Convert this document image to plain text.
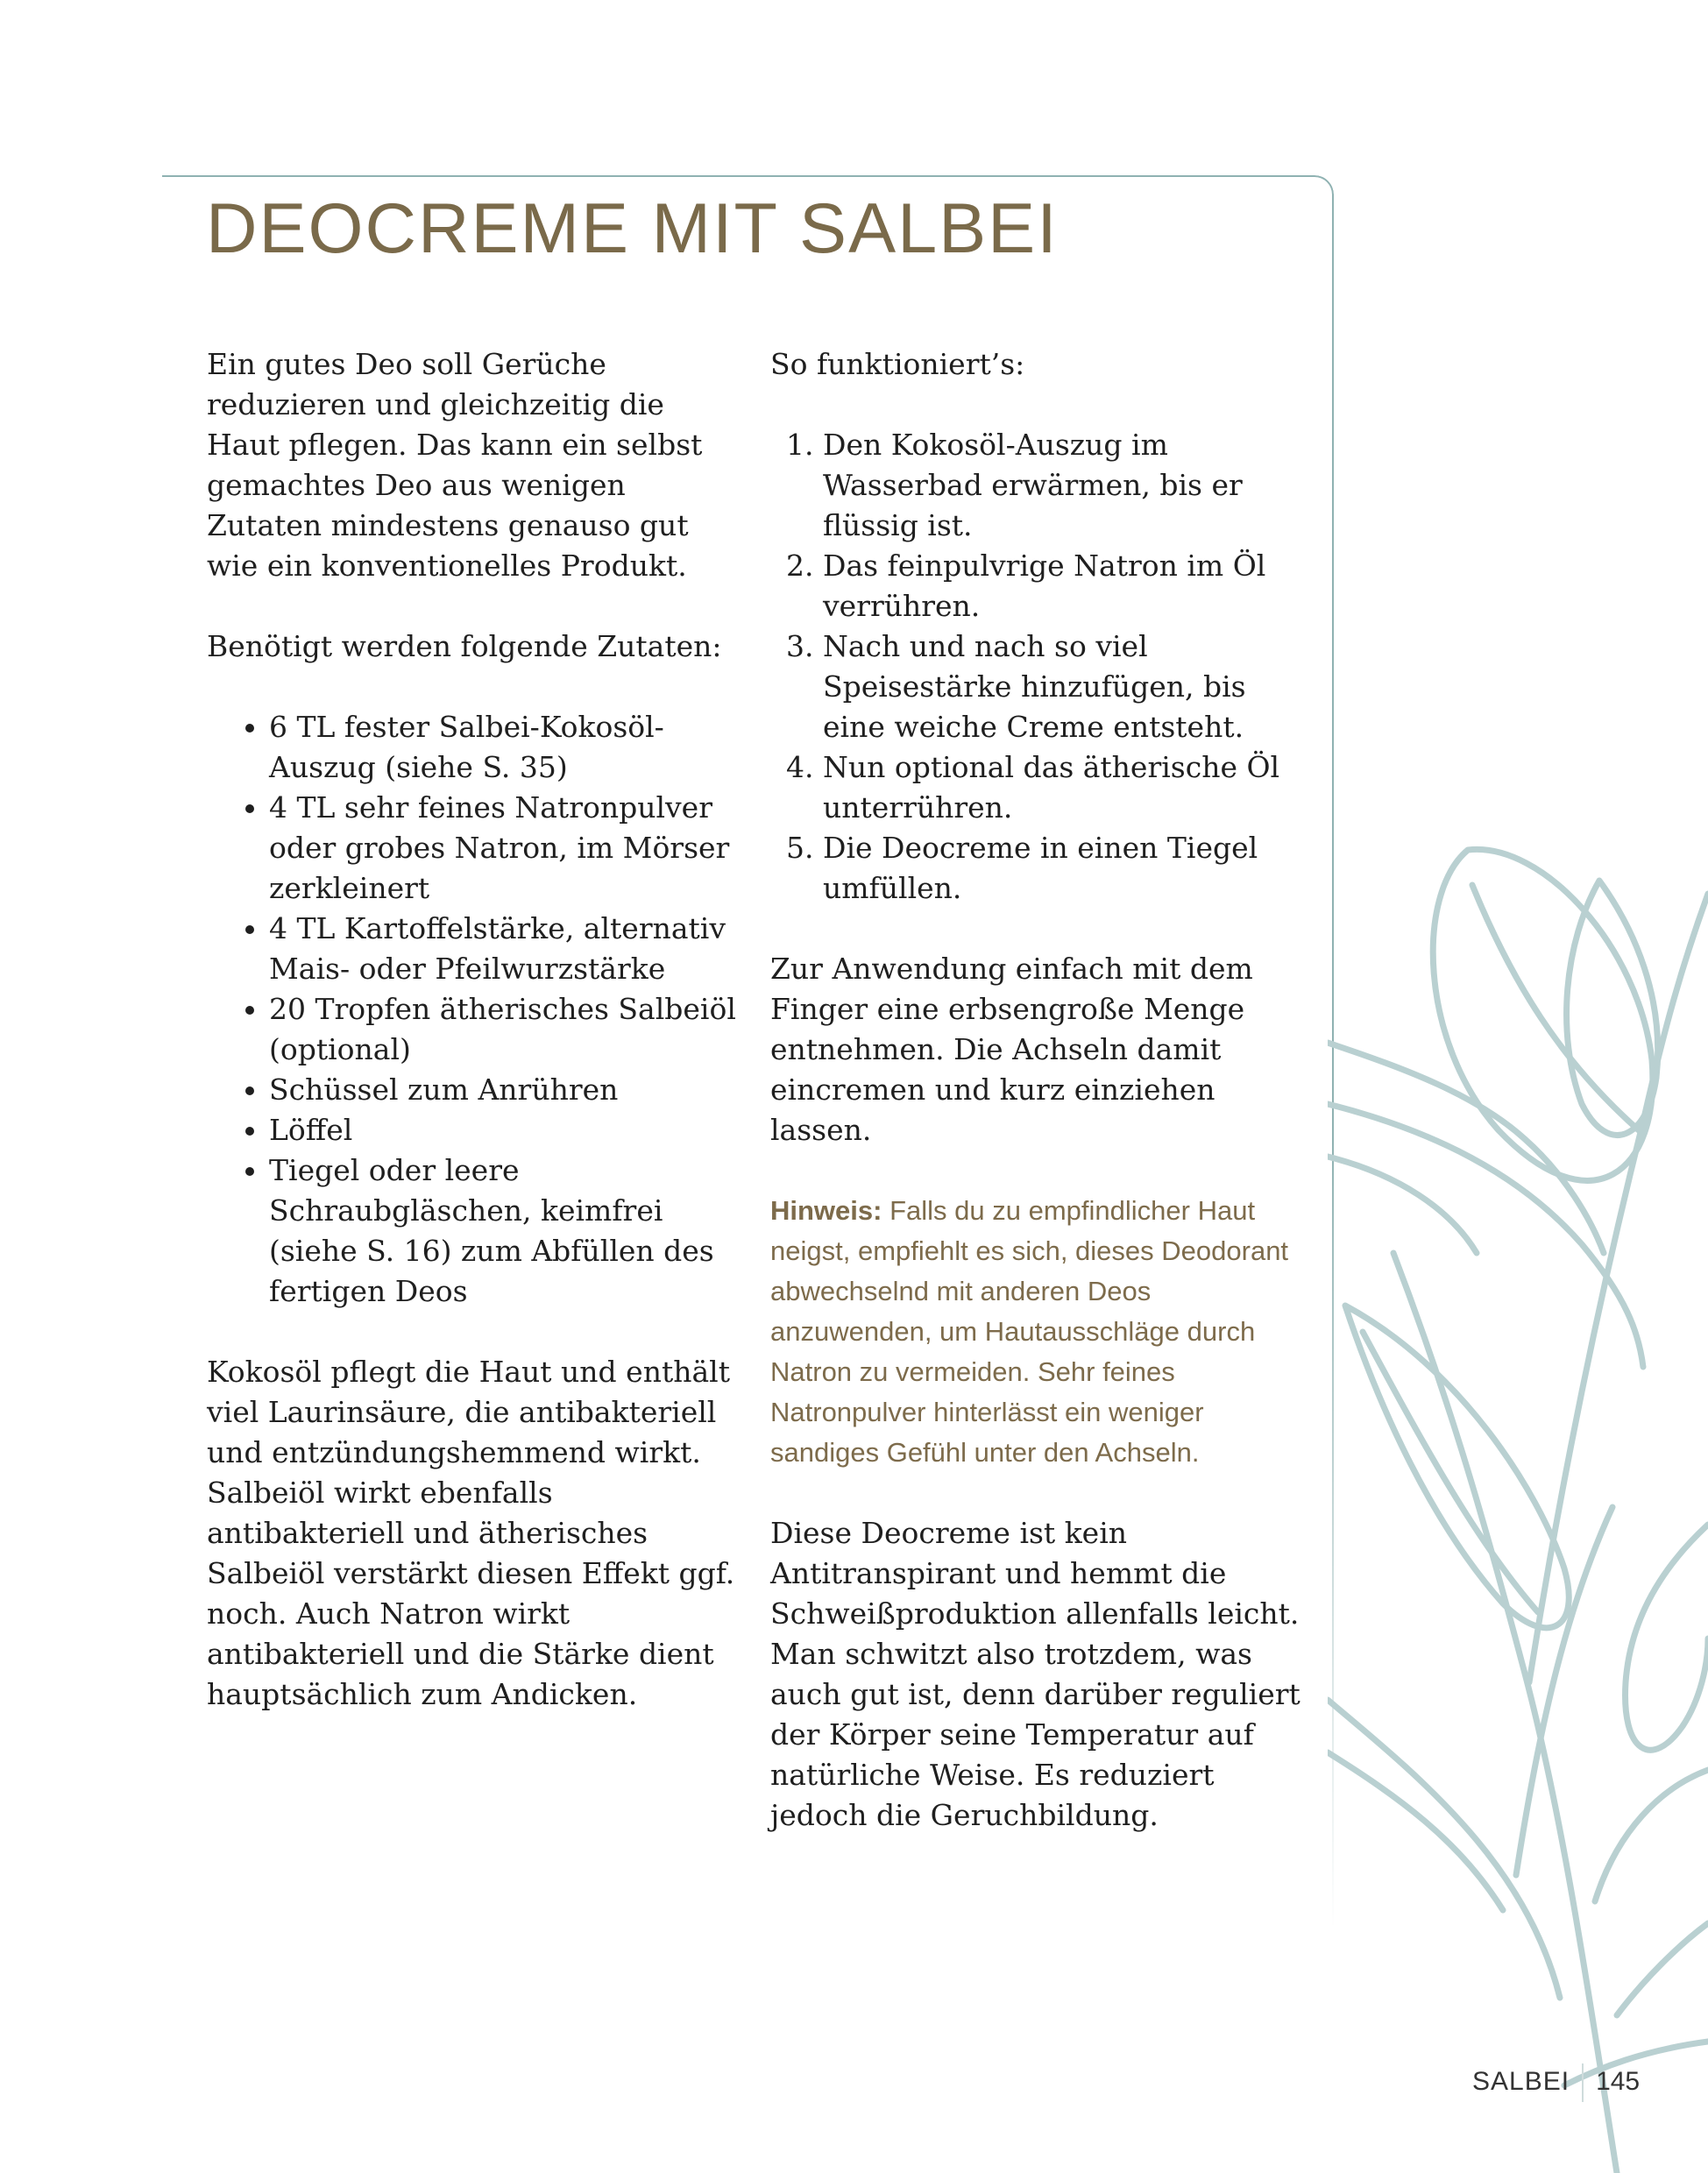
DEOCREME MIT SALBEI

Ein gutes Deo soll Gerüche reduzieren und gleichzeitig die Haut pflegen. Das kann ein selbst gemachtes Deo aus wenigen Zutaten mindestens genauso gut wie ein konventionelles Produkt.

Benötigt werden folgende Zutaten:

• 6 TL fester Salbei-Kokosöl-Auszug (siehe S. 35)
• 4 TL sehr feines Natronpulver oder grobes Natron, im Mörser zerkleinert
• 4 TL Kartoffelstärke, alternativ Mais- oder Pfeilwurzstärke
• 20 Tropfen ätherisches Salbeiöl (optional)
• Schüssel zum Anrühren
• Löffel
• Tiegel oder leere Schraubgläschen, keimfrei (siehe S. 16) zum Abfüllen des fertigen Deos

Kokosöl pflegt die Haut und enthält viel Laurinsäure, die antibakteriell und entzündungshemmend wirkt. Salbeiöl wirkt ebenfalls antibakteriell und ätherisches Salbeiöl verstärkt diesen Effekt ggf. noch. Auch Natron wirkt antibakteriell und die Stärke dient hauptsächlich zum Andicken.

So funktioniert’s:

1. Den Kokosöl-Auszug im Wasserbad erwärmen, bis er flüssig ist.
2. Das feinpulvrige Natron im Öl verrühren.
3. Nach und nach so viel Speisestärke hinzufügen, bis eine weiche Creme entsteht.
4. Nun optional das ätherische Öl unterrühren.
5. Die Deocreme in einen Tiegel umfüllen.

Zur Anwendung einfach mit dem Finger eine erbsengroße Menge entnehmen. Die Achseln damit eincremen und kurz einziehen lassen.

Hinweis: Falls du zu empfindlicher Haut neigst, empfiehlt es sich, dieses Deodorant abwechselnd mit anderen Deos anzuwenden, um Hautausschläge durch Natron zu vermeiden. Sehr feines Natronpulver hinterlässt ein weniger sandiges Gefühl unter den Achseln.

Diese Deocreme ist kein Antitranspirant und hemmt die Schweißproduktion allenfalls leicht. Man schwitzt also trotzdem, was auch gut ist, denn darüber reguliert der Körper seine Temperatur auf natürliche Weise. Es reduziert jedoch die Geruchbildung.

SALBEI 145
